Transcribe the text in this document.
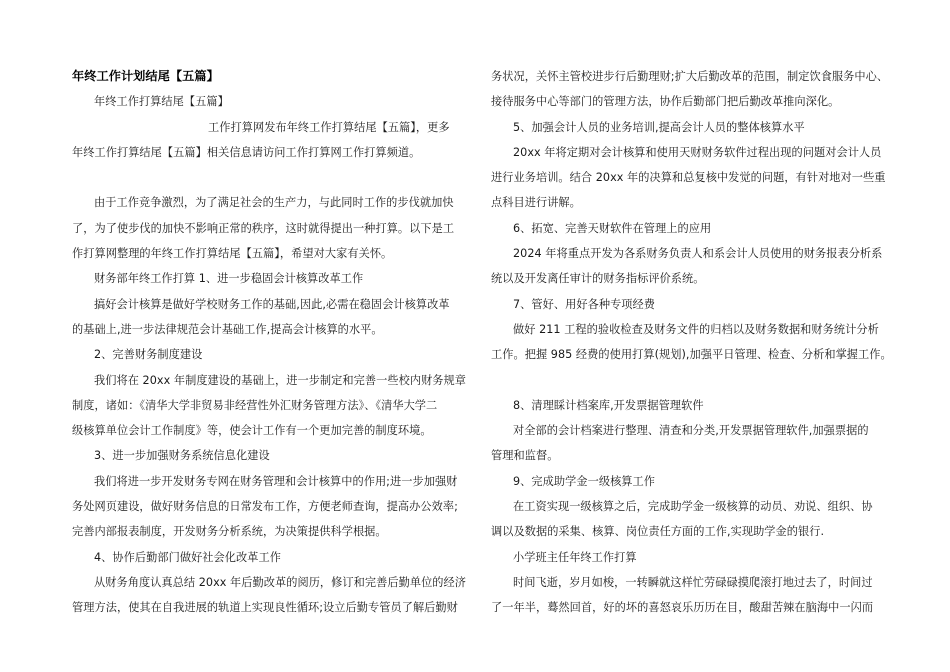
年终工作计划结尾【五篇】
年终工作打算结尾【五篇】
工作打算网发布年终工作打算结尾【五篇】，更多
年终工作打算结尾【五篇】相关信息请访问工作打算网工作打算频道。
由于工作竞争激烈，为了满足社会的生产力，与此同时工作的步伐就加快
了，为了使步伐的加快不影响正常的秩序，这时就得提出一种打算。以下是工
作打算网整理的年终工作打算结尾【五篇】，希望对大家有关怀。
财务部年终工作打算 1、进一步稳固会计核算改革工作
搞好会计核算是做好学校财务工作的基础,因此,必需在稳固会计核算改革
的基础上,进一步法律规范会计基础工作,提高会计核算的水平。
2、完善财务制度建设
我们将在 20xx 年制度建设的基础上，进一步制定和完善一些校内财务规章
制度，诸如：《清华大学非贸易非经营性外汇财务管理方法》、《清华大学二
级核算单位会计工作制度》等，使会计工作有一个更加完善的制度环境。
3、进一步加强财务系统信息化建设
我们将进一步开发财务专网在财务管理和会计核算中的作用;进一步加强财
务处网页建设，做好财务信息的日常发布工作，方便老师查询，提高办公效率;
完善内部报表制度，开发财务分析系统，为决策提供科学根据。
4、协作后勤部门做好社会化改革工作
从财务角度认真总结 20xx 年后勤改革的阅历，修订和完善后勤单位的经济
管理方法，使其在自我进展的轨道上实现良性循环;设立后勤专管员了解后勤财
务状况，关怀主管校进步行后勤理财;扩大后勤改革的范围，制定饮食服务中心、
接待服务中心等部门的管理方法，协作后勤部门把后勤改革推向深化。
5、加强会计人员的业务培训,提高会计人员的整体核算水平
20xx 年将定期对会计核算和使用天财财务软件过程出现的问题对会计人员
进行业务培训。结合 20xx 年的决算和总复核中发觉的问题，有针对地对一些重
点科目进行讲解。
6、拓宽、完善天财软件在管理上的应用
2024 年将重点开发为各系财务负责人和系会计人员使用的财务报表分析系
统以及开发离任审计的财务指标评价系统。
7、管好、用好各种专项经费
做好 211 工程的验收检查及财务文件的归档以及财务数据和财务统计分析
工作。把握 985 经费的使用打算(规划),加强平日管理、检查、分析和掌握工作。
8、清理睬计档案库,开发票据管理软件
对全部的会计档案进行整理、清查和分类,开发票据管理软件,加强票据的
管理和监督。
9、完成助学金一级核算工作
在工资实现一级核算之后，完成助学金一级核算的动员、劝说、组织、协
调以及数据的采集、核算、岗位责任方面的工作,实现助学金的银行.
小学班主任年终工作打算
时间飞逝，岁月如梭，一转瞬就这样忙劳碌碌摸爬滚打地过去了，时间过
了一年半，蓦然回首，好的坏的喜怒哀乐历历在目，酸甜苦辣在脑海中一闪而
